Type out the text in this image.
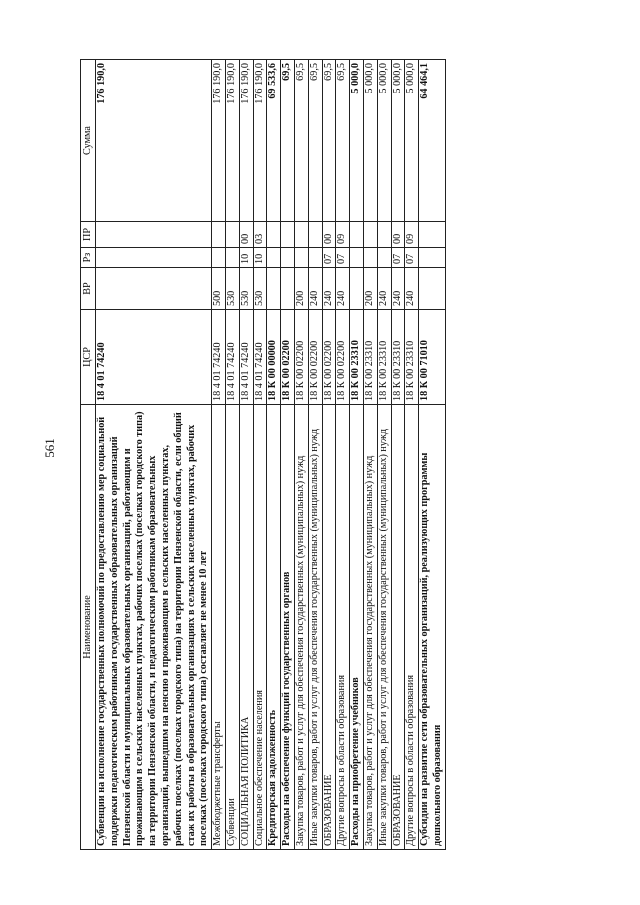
561
Наименование	ЦСР	ВР	Рз	ПР	Сумма
Субвенции на исполнение государственных полномочий по предоставлению мер социальной поддержки педагогическим работникам государственных образовательных организаций Пензенской области и муниципальных образовательных организаций, работающим и проживающим в сельских населенных пунктах, рабочих поселках (поселках городского типа) на территории Пензенской области, и педагогическим работникам образовательных организаций, вышедшим на пенсию и проживающим в сельских населенных пунктах, рабочих поселках (поселках городского типа) на территории Пензенской области, если общий стаж их работы в образовательных организациях в сельских населенных пунктах, рабочих поселках (поселках городского типа) составляет не менее 10 лет	18 4 01 74240				176 190,0
Межбюджетные трансферты	18 4 01 74240	500			176 190,0
Субвенции	18 4 01 74240	530			176 190,0
СОЦИАЛЬНАЯ ПОЛИТИКА	18 4 01 74240	530	10	00	176 190,0
Социальное обеспечение населения	18 4 01 74240	530	10	03	176 190,0
Кредиторская задолженность	18 К 00 00000				69 533,6
Расходы на обеспечение функций государственных органов	18 К 00 02200				69,5
Закупка товаров, работ и услуг для обеспечения государственных (муниципальных) нужд	18 К 00 02200	200			69,5
Иные закупки товаров, работ и услуг для обеспечения государственных (муниципальных) нужд	18 К 00 02200	240			69,5
ОБРАЗОВАНИЕ	18 К 00 02200	240	07	00	69,5
Другие вопросы в области образования	18 К 00 02200	240	07	09	69,5
Расходы на приобретение учебников	18 К 00 23310				5 000,0
Закупка товаров, работ и услуг для обеспечения государственных (муниципальных) нужд	18 К 00 23310	200			5 000,0
Иные закупки товаров, работ и услуг для обеспечения государственных (муниципальных) нужд	18 К 00 23310	240			5 000,0
ОБРАЗОВАНИЕ	18 К 00 23310	240	07	00	5 000,0
Другие вопросы в области образования	18 К 00 23310	240	07	09	5 000,0
Субсидии на развитие сети образовательных организаций, реализующих программы дошкольного образования	18 К 00 71010				64 464,1
